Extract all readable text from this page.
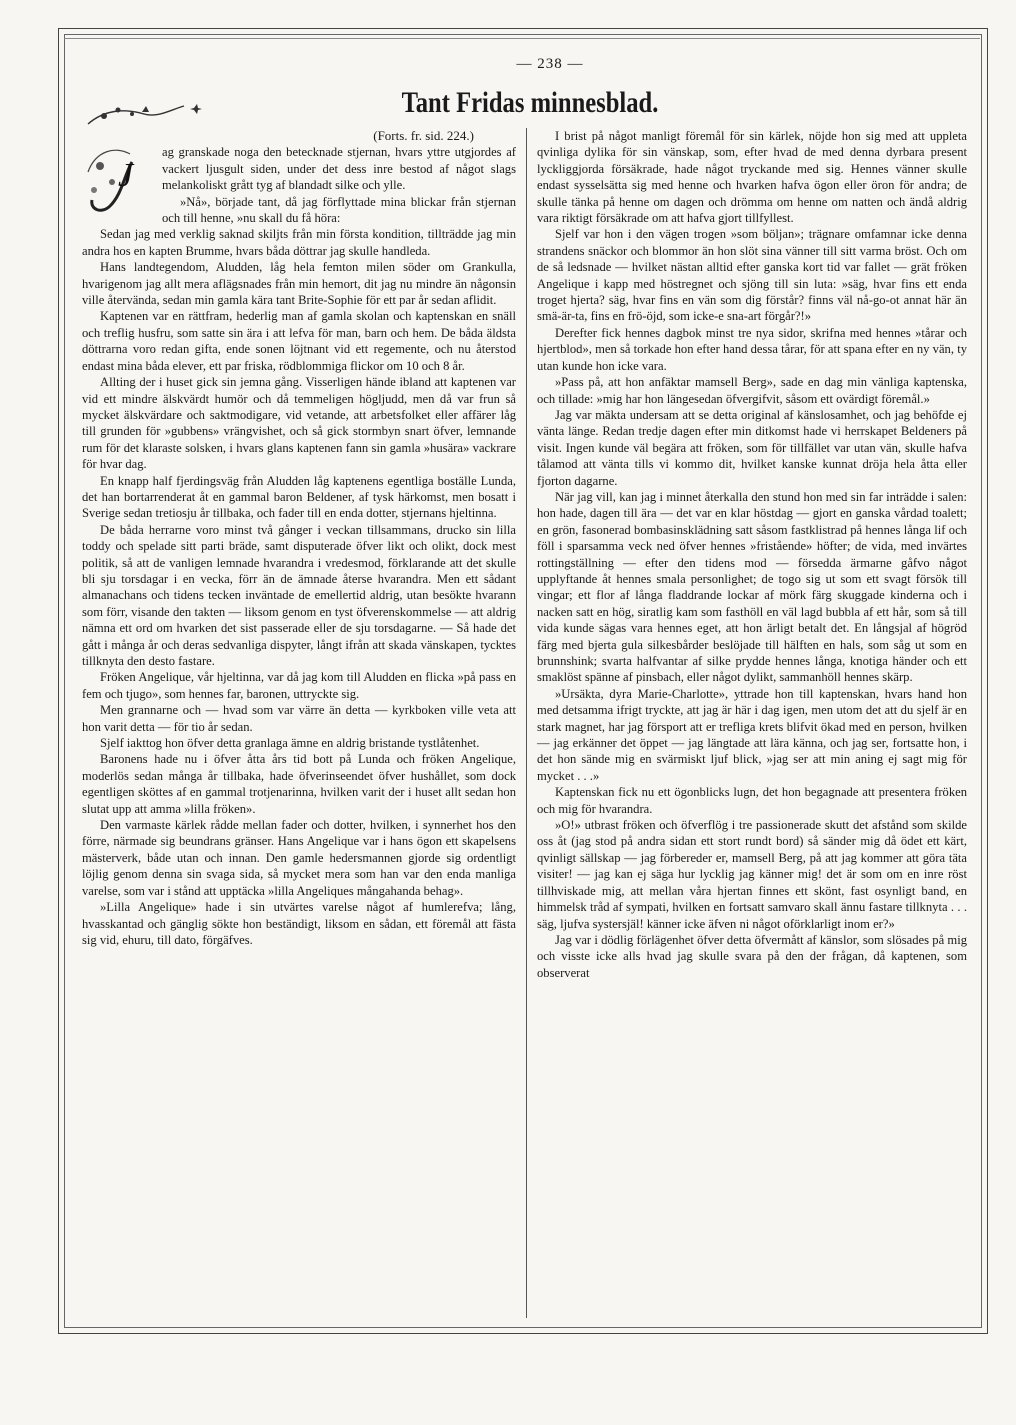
— 238 —
Tant Fridas minnesblad.

(Forts. fr. sid. 224.)

J
ag granskade noga den betecknade stjernan, hvars yttre utgjordes af vackert ljusgult siden, under det dess inre bestod af något slags melankoliskt grått tyg af blandadt silke och ylle.

»Nå», började tant, då jag förflyttade mina blickar från stjernan och till henne, »nu skall du få höra:

Sedan jag med verklig saknad skiljts från min första kondition, tillträdde jag min andra hos en kapten Brumme, hvars båda döttrar jag skulle handleda.

Hans landtegendom, Aludden, låg hela femton milen söder om Grankulla, hvarigenom jag allt mera aflägsnades från min hemort, dit jag nu mindre än någonsin ville återvända, sedan min gamla kära tant Brite-Sophie för ett par år sedan aflidit.

Kaptenen var en rättfram, hederlig man af gamla skolan och kaptenskan en snäll och treflig husfru, som satte sin ära i att lefva för man, barn och hem. De båda äldsta döttrarna voro redan gifta, ende sonen löjtnant vid ett regemente, och nu återstod endast mina båda elever, ett par friska, rödblommiga flickor om 10 och 8 år.

Allting der i huset gick sin jemna gång. Visserligen hände ibland att kaptenen var vid ett mindre älskvärdt humör och då temmeligen högljudd, men då var frun så mycket älskvärdare och saktmodigare, vid vetande, att arbetsfolket eller affärer låg till grunden för »gubbens» vrängvishet, och så gick stormbyn snart öfver, lemnande rum för det klaraste solsken, i hvars glans kaptenen fann sin gamla »husära» vackrare för hvar dag.

En knapp half fjerdingsväg från Aludden låg kaptenens egentliga boställe Lunda, det han bortarrenderat åt en gammal baron Beldener, af tysk härkomst, men bosatt i Sverige sedan tretiosju år tillbaka, och fader till en enda dotter, stjernans hjeltinna.

De båda herrarne voro minst två gånger i veckan tillsammans, drucko sin lilla toddy och spelade sitt parti bräde, samt disputerade öfver likt och olikt, dock mest politik, så att de vanligen lemnade hvarandra i vredesmod, förklarande att det skulle bli sju torsdagar i en vecka, förr än de ämnade återse hvarandra. Men ett sådant almanachans och tidens tecken inväntade de emellertid aldrig, utan besökte hvarann som förr, visande den takten — liksom genom en tyst öfverenskommelse — att aldrig nämna ett ord om hvarken det sist passerade eller de sju torsdagarne. — Så hade det gått i många år och deras sedvanliga dispyter, långt ifrån att skada vänskapen, tycktes tillknyta den desto fastare.

Fröken Angelique, vår hjeltinna, var då jag kom till Aludden en flicka »på pass en fem och tjugo», som hennes far, baronen, uttryckte sig.

Men grannarne och — hvad som var värre än detta — kyrkboken ville veta att hon varit detta — för tio år sedan.

Sjelf iakttog hon öfver detta granlaga ämne en aldrig bristande tystlåtenhet.

Baronens hade nu i öfver åtta års tid bott på Lunda och fröken Angelique, moderlös sedan många år tillbaka, hade öfverinseendet öfver hushållet, som dock egentligen sköttes af en gammal trotjenarinna, hvilken varit der i huset allt sedan hon slutat upp att amma »lilla fröken».

Den varmaste kärlek rådde mellan fader och dotter, hvilken, i synnerhet hos den förre, närmade sig beundrans gränser. Hans Angelique var i hans ögon ett skapelsens mästerverk, både utan och innan. Den gamle hedersmannen gjorde sig ordentligt löjlig genom denna sin svaga sida, så mycket mera som han var den enda manliga varelse, som var i stånd att upptäcka »lilla Angeliques mångahanda behag».

»Lilla Angelique» hade i sin utvärtes varelse något af humlerefva; lång, hvasskantad och gänglig sökte hon beständigt, liksom en sådan, ett föremål att fästa sig vid, ehuru, till dato, förgäfves.

I brist på något manligt föremål för sin kärlek, nöjde hon sig med att uppleta qvinliga dylika för sin vänskap, som, efter hvad de med denna dyrbara present lyckliggjorda försäkrade, hade något tryckande med sig. Hennes vänner skulle endast sysselsätta sig med henne och hvarken hafva ögon eller öron för andra; de skulle tänka på henne om dagen och drömma om henne om natten och ändå aldrig vara riktigt försäkrade om att hafva gjort tillfyllest.

Sjelf var hon i den vägen trogen »som böljan»; trägnare omfamnar icke denna strandens snäckor och blommor än hon slöt sina vänner till sitt varma bröst. Och om de så ledsnade — hvilket nästan alltid efter ganska kort tid var fallet — grät fröken Angelique i kapp med höstregnet och sjöng till sin luta: »säg, hvar fins ett enda troget hjerta? säg, hvar fins en vän som dig förstår? finns väl nå-go-ot annat här än smä-är-ta, fins en frö-öjd, som icke-e sna-art förgår?!»

Derefter fick hennes dagbok minst tre nya sidor, skrifna med hennes »tårar och hjertblod», men så torkade hon efter hand dessa tårar, för att spana efter en ny vän, ty utan kunde hon icke vara.

»Pass på, att hon anfäktar mamsell Berg», sade en dag min vänliga kaptenska, och tillade: »mig har hon längesedan öfvergifvit, såsom ett ovärdigt föremål.»

Jag var mäkta undersam att se detta original af känslosamhet, och jag behöfde ej vänta länge. Redan tredje dagen efter min ditkomst hade vi herrskapet Beldeners på visit. Ingen kunde väl begära att fröken, som för tillfället var utan vän, skulle hafva tålamod att vänta tills vi kommo dit, hvilket kanske kunnat dröja hela åtta eller fjorton dagarne.

När jag vill, kan jag i minnet återkalla den stund hon med sin far inträdde i salen: hon hade, dagen till ära — det var en klar höstdag — gjort en ganska vårdad toalett; en grön, fasonerad bombasinsklädning satt såsom fastklistrad på hennes långa lif och föll i sparsamma veck ned öfver hennes »fristående» höfter; de vida, med invärtes rottingställning — efter den tidens mod — försedda ärmarne gåfvo något upplyftande åt hennes smala personlighet; de togo sig ut som ett svagt försök till vingar; ett flor af långa fladdrande lockar af mörk färg skuggade kinderna och i nacken satt en hög, siratlig kam som fasthöll en väl lagd bubbla af ett hår, som så till vida kunde sägas vara hennes eget, att hon ärligt betalt det. En långsjal af högröd färg med bjerta gula silkesbårder beslöjade till hälften en hals, som såg ut som en brunnshink; svarta halfvantar af silke prydde hennes långa, knotiga händer och ett smaklöst spänne af pinsbach, eller något dylikt, sammanhöll hennes skärp.

»Ursäkta, dyra Marie-Charlotte», yttrade hon till kaptenskan, hvars hand hon med detsamma ifrigt tryckte, att jag är här i dag igen, men utom det att du sjelf är en stark magnet, har jag försport att er trefliga krets blifvit ökad med en person, hvilken — jag erkänner det öppet — jag längtade att lära känna, och jag ser, fortsatte hon, i det hon sände mig en svärmiskt ljuf blick, »jag ser att min aning ej sagt mig för mycket . . .»

Kaptenskan fick nu ett ögonblicks lugn, det hon begagnade att presentera fröken och mig för hvarandra.

»O!» utbrast fröken och öfverflög i tre passionerade skutt det afstånd som skilde oss åt (jag stod på andra sidan ett stort rundt bord) så sänder mig då ödet ett kärt, qvinligt sällskap — jag förbereder er, mamsell Berg, på att jag kommer att göra täta visiter! — jag kan ej säga hur lycklig jag känner mig! det är som om en inre röst tillhviskade mig, att mellan våra hjertan finnes ett skönt, fast osynligt band, en himmelsk tråd af sympati, hvilken en fortsatt samvaro skall ännu fastare tillknyta . . . säg, ljufva systersjäl! känner icke äfven ni något oförklarligt inom er?»

Jag var i dödlig förlägenhet öfver detta öfvermått af känslor, som slösades på mig och visste icke alls hvad jag skulle svara på den der frågan, då kaptenen, som observerat
